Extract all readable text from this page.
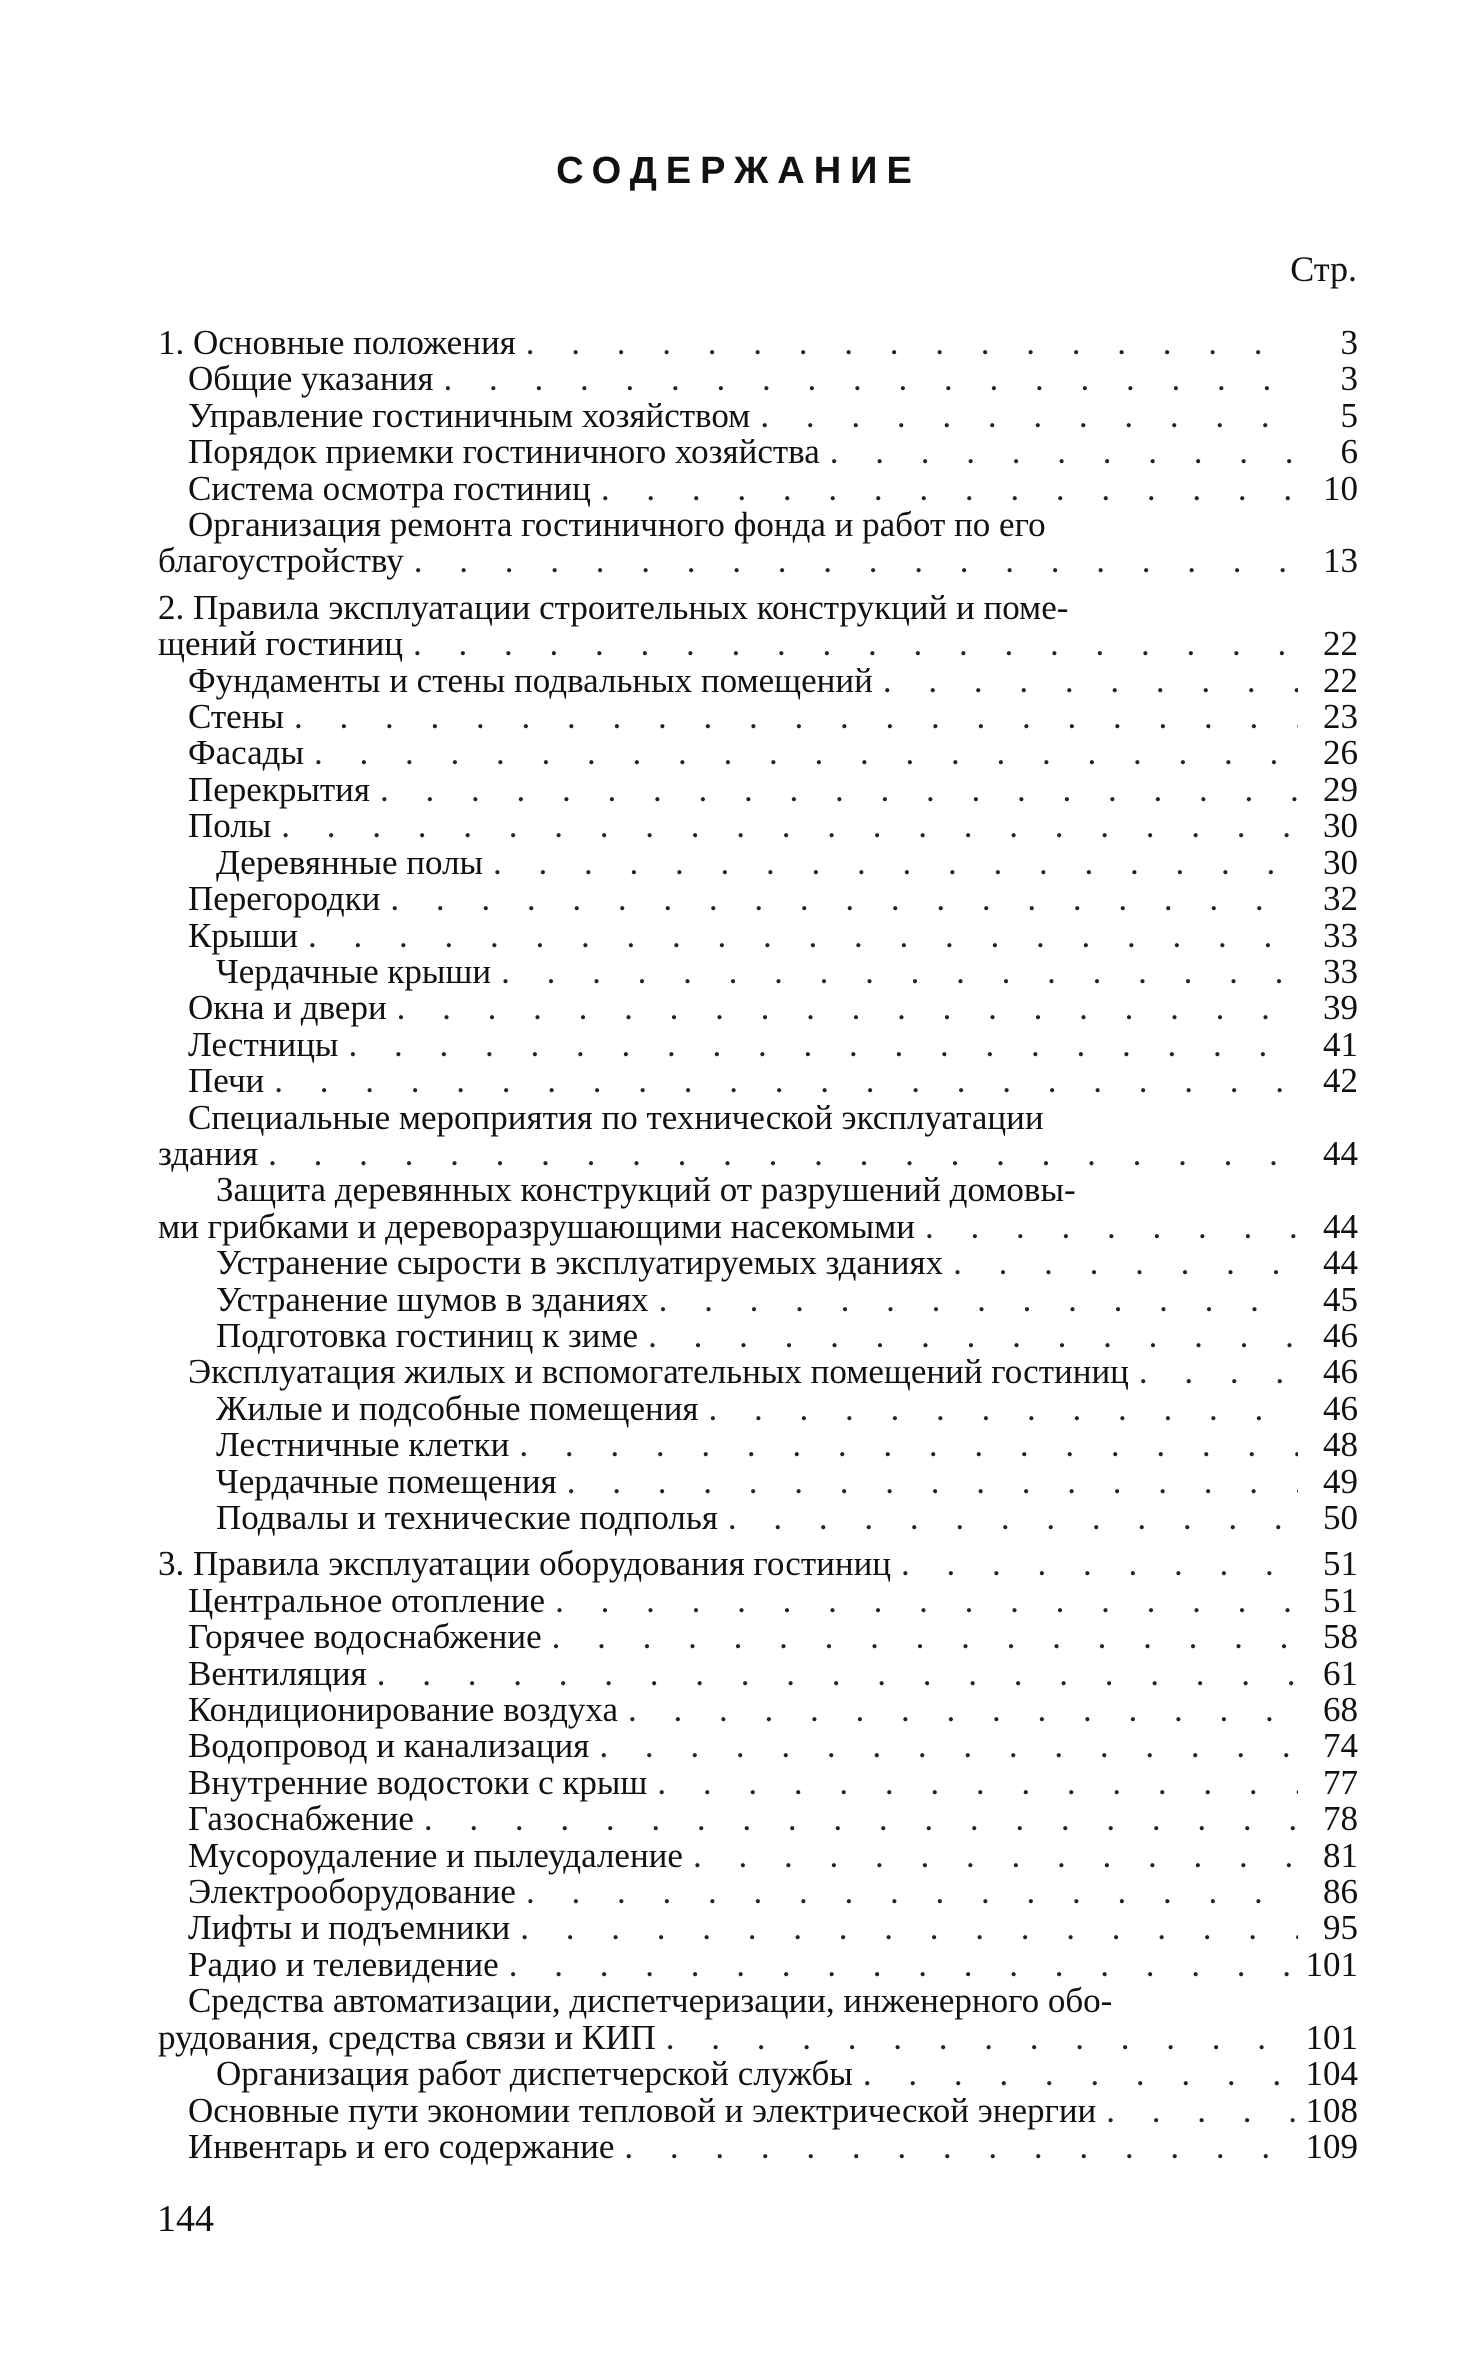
СОДЕРЖАНИЕ
Стр.
1. Основные положения . . .	3
Общие указания . . .	3
Управление гостиничным хозяйством . . .	5
Порядок приемки гостиничного хозяйства . . .	6
Система осмотра гостиниц . . .	10
Организация ремонта гостиничного фонда и работ по его
благоустройству . . .	13
2. Правила эксплуатации строительных конструкций и поме-
щений гостиниц . . .	22
Фундаменты и стены подвальных помещений . . .	22
Стены . . .	23
Фасады . . .	26
Перекрытия . . .	29
Полы . . .	30
Деревянные полы . . .	30
Перегородки . . .	32
Крыши . . .	33
Чердачные крыши . . .	33
Окна и двери . . .	39
Лестницы . . .	41
Печи . . .	42
Специальные мероприятия по технической эксплуатации
здания . . .	44
Защита деревянных конструкций от разрушений домовы-
ми грибками и дереворазрушающими насекомыми . . .	44
Устранение сырости в эксплуатируемых зданиях . . .	44
Устранение шумов в зданиях . . .	45
Подготовка гостиниц к зиме . . .	46
Эксплуатация жилых и вспомогательных помещений гостиниц . . .	46
Жилые и подсобные помещения . . .	46
Лестничные клетки . . .	48
Чердачные помещения . . .	49
Подвалы и технические подполья . . .	50
3. Правила эксплуатации оборудования гостиниц . . .	51
Центральное отопление . . .	51
Горячее водоснабжение . . .	58
Вентиляция . . .	61
Кондиционирование воздуха . . .	68
Водопровод и канализация . . .	74
Внутренние водостоки с крыш . . .	77
Газоснабжение . . .	78
Мусороудаление и пылеудаление . . .	81
Электрооборудование . . .	86
Лифты и подъемники . . .	95
Радио и телевидение . . .	101
Средства автоматизации, диспетчеризации, инженерного обо-
рудования, средства связи и КИП . . .	101
Организация работ диспетчерской службы . . .	104
Основные пути экономии тепловой и электрической энергии . . .	108
Инвентарь и его содержание . . .	109
144
